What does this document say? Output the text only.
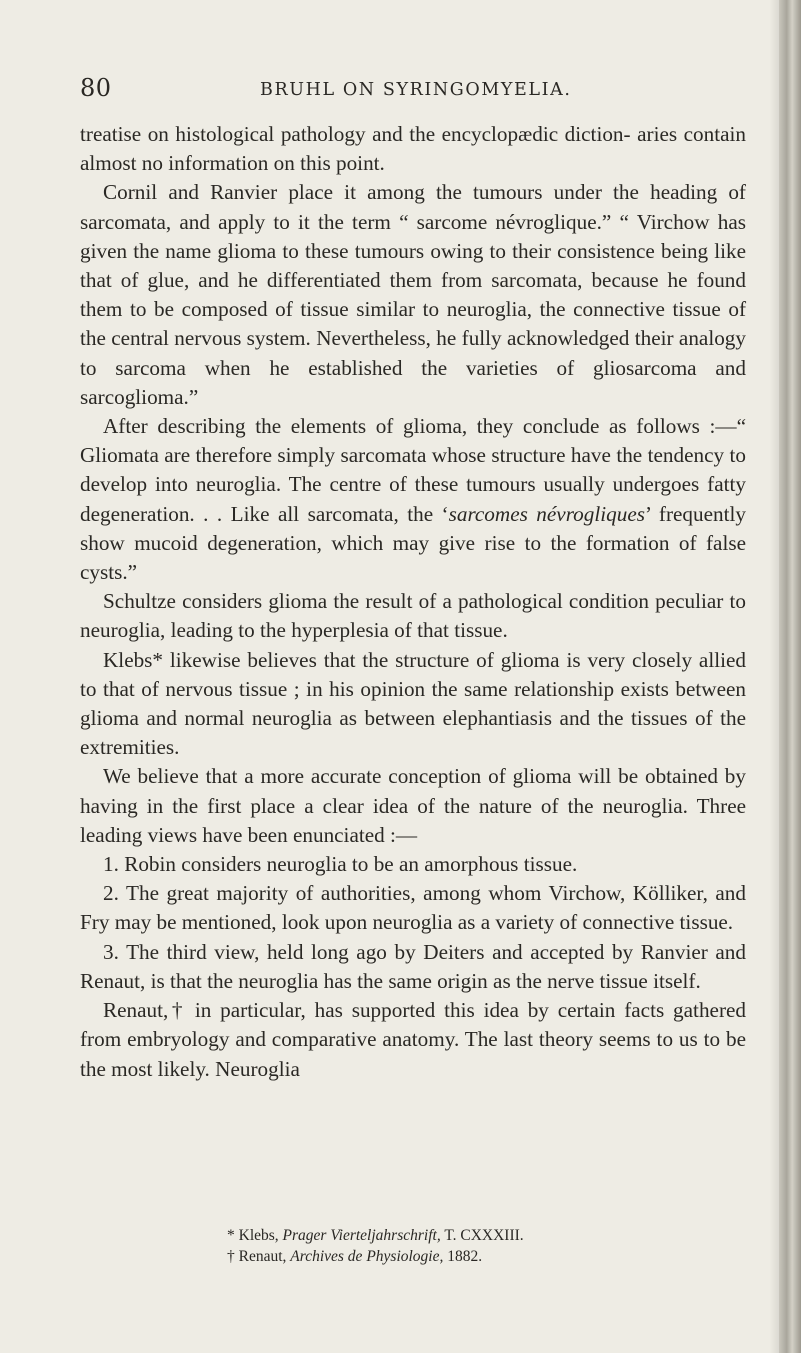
80	BRUHL ON SYRINGOMYELIA.

treatise on histological pathology and the encyclopædic diction- aries contain almost no information on this point.

Cornil and Ranvier place it among the tumours under the heading of sarcomata, and apply to it the term “ sarcome névroglique.” “ Virchow has given the name glioma to these tumours owing to their consistence being like that of glue, and he differentiated them from sarcomata, because he found them to be composed of tissue similar to neuroglia, the connective tissue of the central nervous system. Nevertheless, he fully acknowledged their analogy to sarcoma when he established the varieties of gliosarcoma and sarcoglioma.”

After describing the elements of glioma, they conclude as follows :—“ Gliomata are therefore simply sarcomata whose structure have the tendency to develop into neuroglia. The centre of these tumours usually undergoes fatty degeneration. . . Like all sarcomata, the ‘sarcomes névrogliques’ frequently show mucoid degeneration, which may give rise to the formation of false cysts.”

Schultze considers glioma the result of a pathological condition peculiar to neuroglia, leading to the hyperplesia of that tissue.

Klebs* likewise believes that the structure of glioma is very closely allied to that of nervous tissue ; in his opinion the same relationship exists between glioma and normal neuroglia as between elephantiasis and the tissues of the extremities.

We believe that a more accurate conception of glioma will be obtained by having in the first place a clear idea of the nature of the neuroglia. Three leading views have been enunciated :—

1. Robin considers neuroglia to be an amorphous tissue.

2. The great majority of authorities, among whom Virchow, Kölliker, and Fry may be mentioned, look upon neuroglia as a variety of connective tissue.

3. The third view, held long ago by Deiters and accepted by Ranvier and Renaut, is that the neuroglia has the same origin as the nerve tissue itself.

Renaut,† in particular, has supported this idea by certain facts gathered from embryology and comparative anatomy. The last theory seems to us to be the most likely. Neuroglia

* Klebs, Prager Vierteljahrschrift, T. CXXXIII.

† Renaut, Archives de Physiologie, 1882.
